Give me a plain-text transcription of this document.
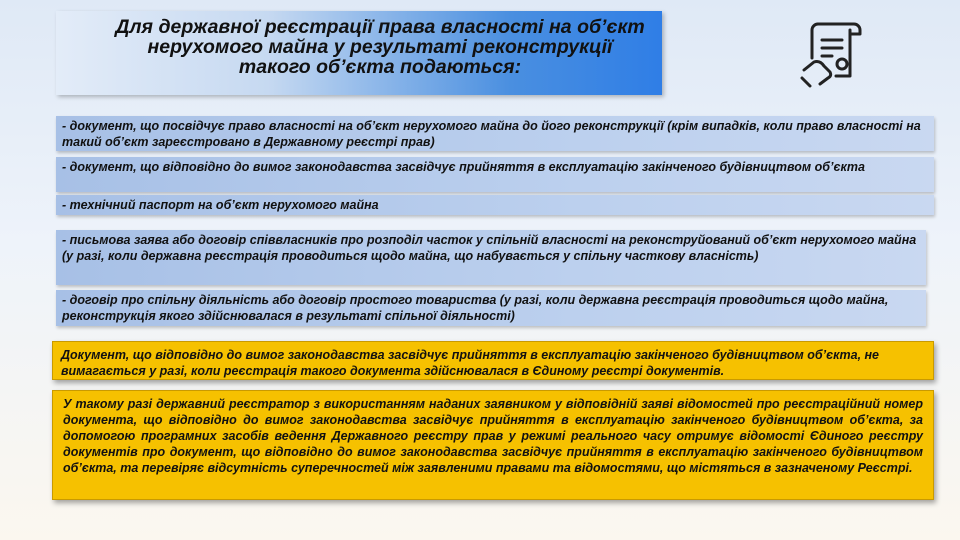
Для державної реєстрації права власності на об’єкт
нерухомого майна у результаті реконструкції
такого об’єкта подаються:
- документ, що посвідчує право власності на об’єкт нерухомого майна до його реконструкції (крім випадків, коли право власності на такий об’єкт зареєстровано в Державному реєстрі прав)
- документ, що відповідно до вимог законодавства засвідчує прийняття в експлуатацію закінченого будівництвом об’єкта
- технічний паспорт на об’єкт нерухомого майна
- письмова заява або договір співвласників про розподіл часток у спільній власності на реконструйований об’єкт нерухомого майна (у разі, коли державна реєстрація проводиться щодо майна, що набувається у спільну часткову власність)
- договір про спільну діяльність або договір простого товариства (у разі, коли державна реєстрація проводиться щодо майна, реконструкція якого здійснювалася в результаті спільної діяльності)
Документ, що відповідно до вимог законодавства засвідчує прийняття в експлуатацію закінченого будівництвом об’єкта, не вимагається у разі, коли реєстрація такого документа здійснювалася в Єдиному реєстрі документів.
У такому разі державний реєстратор з використанням наданих заявником у відповідній заяві відомостей про реєстраційний номер документа, що відповідно до вимог законодавства засвідчує прийняття в експлуатацію закінченого будівництвом об’єкта, за допомогою програмних засобів ведення Державного реєстру прав у режимі реального часу отримує відомості Єдиного реєстру документів про документ, що відповідно до вимог законодавства засвідчує прийняття в експлуатацію закінченого будівництвом об’єкта, та перевіряє відсутність суперечностей між заявленими правами та відомостями, що містяться в зазначеному Реєстрі.
